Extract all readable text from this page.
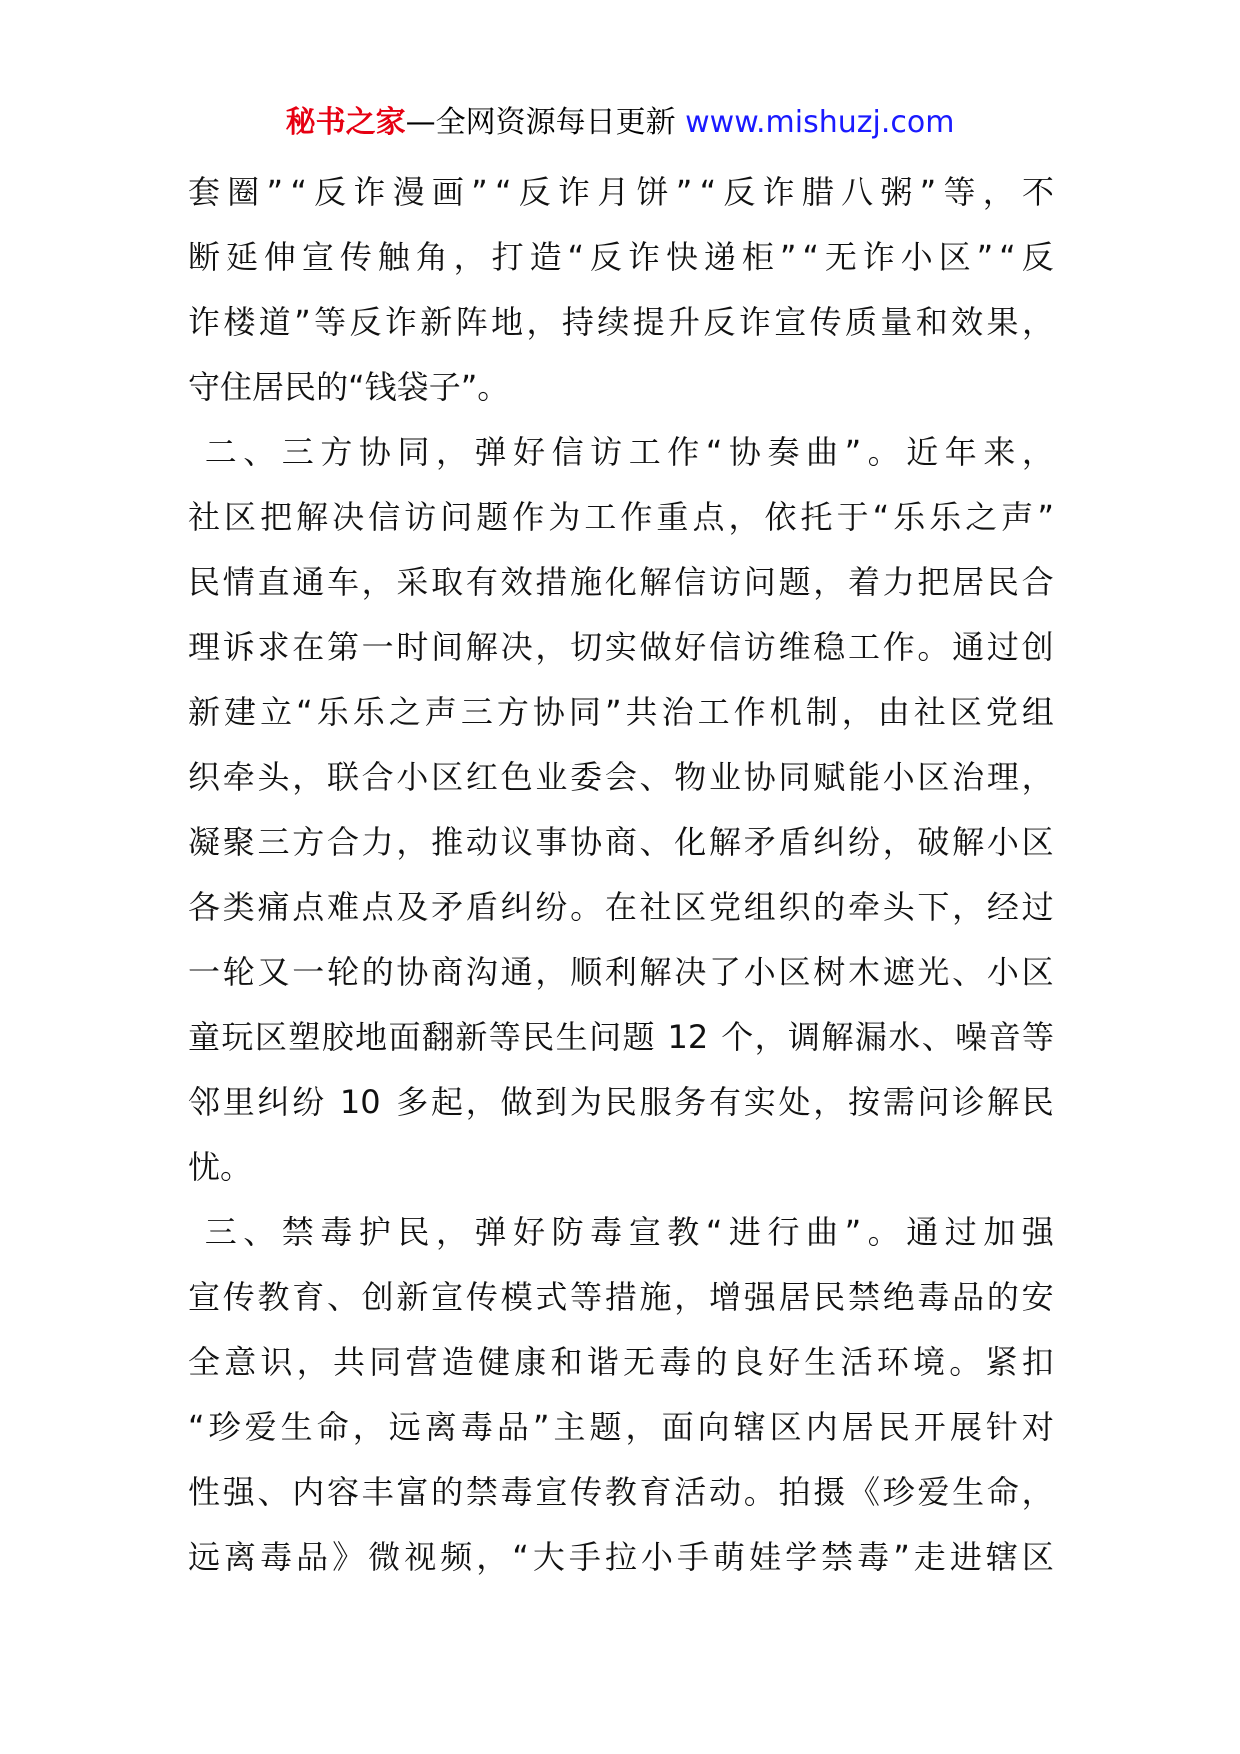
秘书之家—全网资源每日更新 www.mishuzj.com
套 圈 ” “ 反 诈 漫 画 ” “ 反 诈 月 饼 ” “ 反 诈 腊 八 粥 ” 等 ， 不
断 延 伸 宣 传 触 角 ， 打 造 “ 反 诈 快 递 柜 ” “ 无 诈 小 区 ” “ 反
诈 楼 道 ” 等 反 诈 新 阵 地 ， 持 续 提 升 反 诈 宣 传 质 量 和 效 果 ，
守 住 居 民 的 “ 钱 袋 子 ” 。

二 、 三 方 协 同 ， 弹 好 信 访 工 作 “ 协 奏 曲 ” 。 近 年 来 ，
社 区 把 解 决 信 访 问 题 作 为 工 作 重 点 ， 依 托 于 “ 乐 乐 之 声 ”
民 情 直 通 车 ， 采 取 有 效 措 施 化 解 信 访 问 题 ， 着 力 把 居 民 合
理 诉 求 在 第 一 时 间 解 决 ， 切 实 做 好 信 访 维 稳 工 作 。 通 过 创
新 建 立 “ 乐 乐 之 声 三 方 协 同 ” 共 治 工 作 机 制 ， 由 社 区 党 组
织 牵 头 ， 联 合 小 区 红 色 业 委 会 、 物 业 协 同 赋 能 小 区 治 理 ，
凝 聚 三 方 合 力 ， 推 动 议 事 协 商 、 化 解 矛 盾 纠 纷 ， 破 解 小 区
各 类 痛 点 难 点 及 矛 盾 纠 纷 。 在 社 区 党 组 织 的 牵 头 下 ， 经 过
一 轮 又 一 轮 的 协 商 沟 通 ， 顺 利 解 决 了 小 区 树 木 遮 光 、 小 区
童 玩 区 塑 胶 地 面 翻 新 等 民 生 问 题
12
个 ， 调 解 漏 水 、 噪 音 等
邻 里 纠 纷
10
多 起 ， 做 到 为 民 服 务 有 实 处 ， 按 需 问 诊 解 民
忧 。

三 、 禁 毒 护 民 ， 弹 好 防 毒 宣 教 “ 进 行 曲 ” 。 通 过 加 强
宣 传 教 育 、 创 新 宣 传 模 式 等 措 施 ， 增 强 居 民 禁 绝 毒 品 的 安
全 意 识 ， 共 同 营 造 健 康 和 谐 无 毒 的 良 好 生 活 环 境 。 紧 扣
“ 珍 爱 生 命 ， 远 离 毒 品 ” 主 题 ， 面 向 辖 区 内 居 民 开 展 针 对
性 强 、 内 容 丰 富 的 禁 毒 宣 传 教 育 活 动 。 拍 摄 《 珍 爱 生 命 ，
远 离 毒 品 》 微 视 频 ， “ 大 手 拉 小 手 萌 娃 学 禁 毒 ” 走 进 辖 区
